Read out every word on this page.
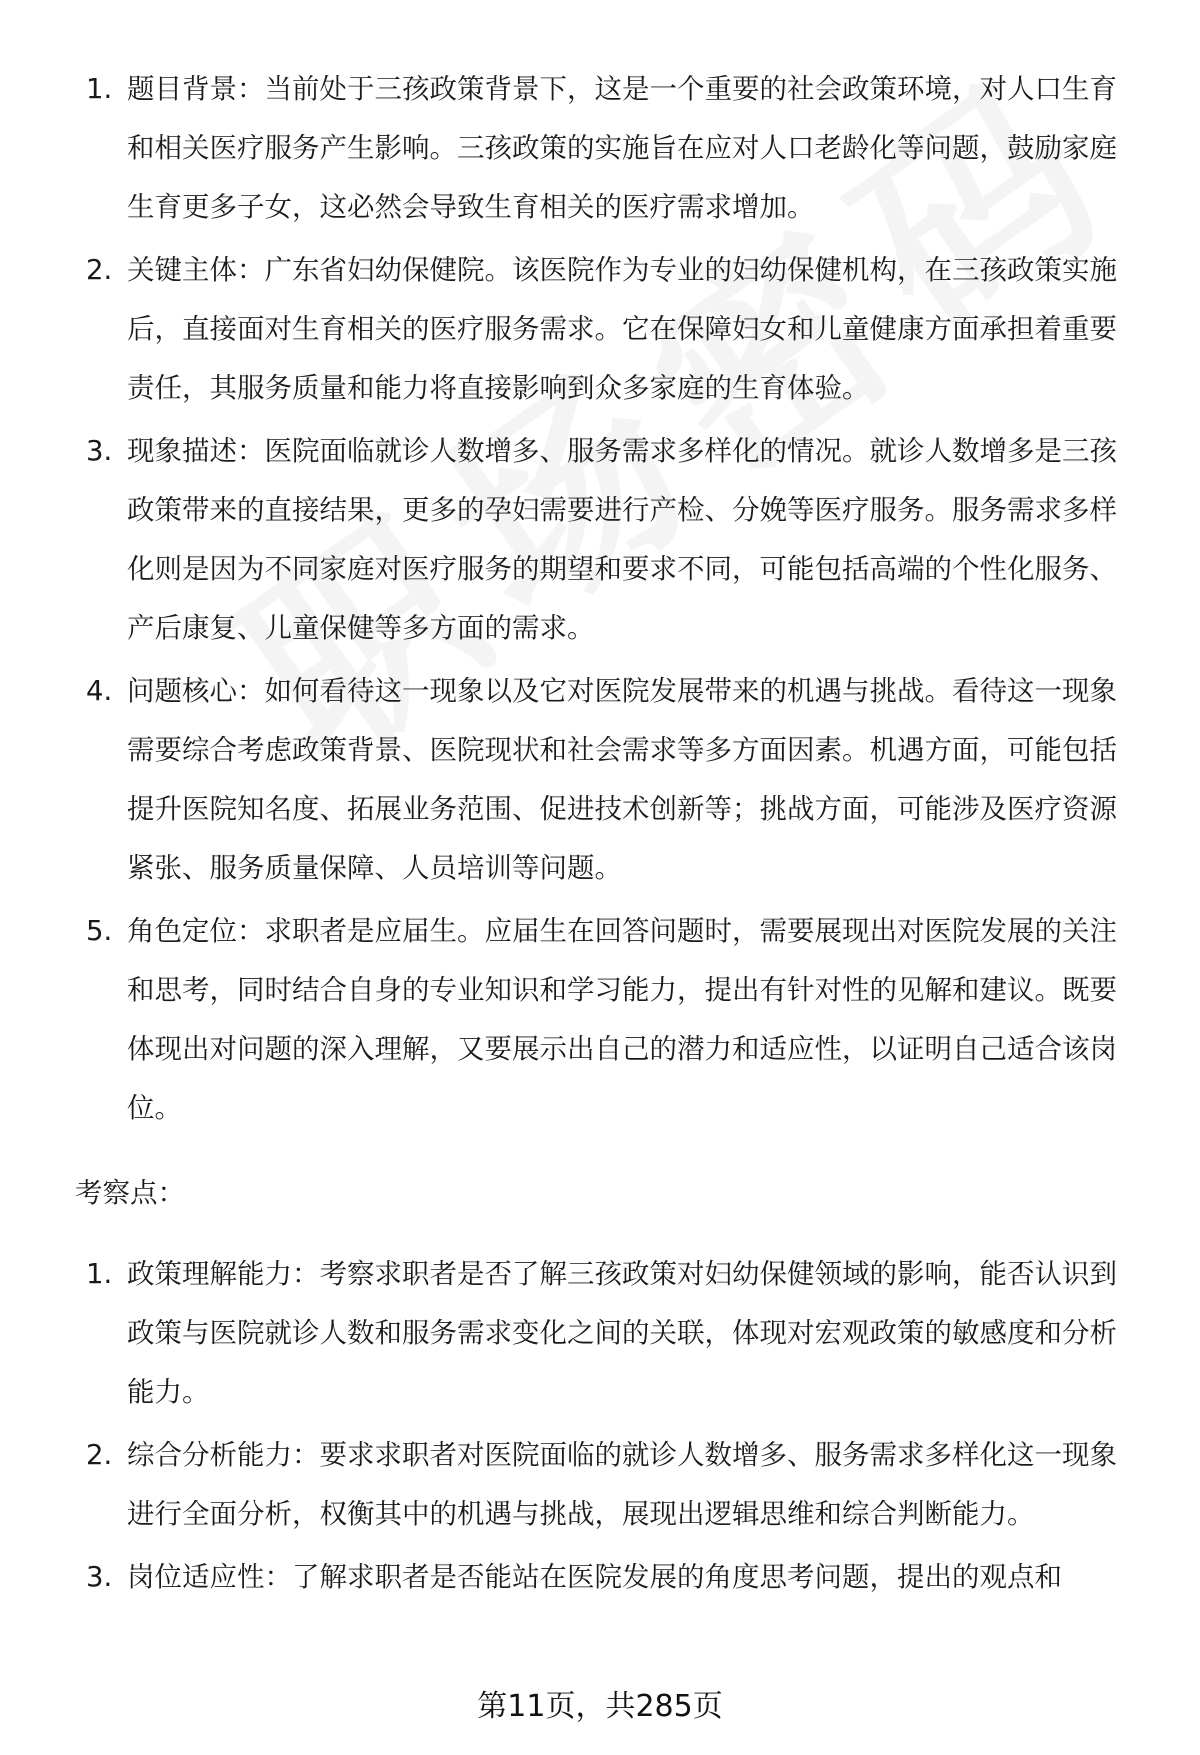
1. 题目背景：当前处于三孩政策背景下，这是一个重要的社会政策环境，对人口生育和相关医疗服务产生影响。三孩政策的实施旨在应对人口老龄化等问题，鼓励家庭生育更多子女，这必然会导致生育相关的医疗需求增加。
2. 关键主体：广东省妇幼保健院。该医院作为专业的妇幼保健机构，在三孩政策实施后，直接面对生育相关的医疗服务需求。它在保障妇女和儿童健康方面承担着重要责任，其服务质量和能力将直接影响到众多家庭的生育体验。
3. 现象描述：医院面临就诊人数增多、服务需求多样化的情况。就诊人数增多是三孩政策带来的直接结果，更多的孕妇需要进行产检、分娩等医疗服务。服务需求多样化则是因为不同家庭对医疗服务的期望和要求不同，可能包括高端的个性化服务、产后康复、儿童保健等多方面的需求。
4. 问题核心：如何看待这一现象以及它对医院发展带来的机遇与挑战。看待这一现象需要综合考虑政策背景、医院现状和社会需求等多方面因素。机遇方面，可能包括提升医院知名度、拓展业务范围、促进技术创新等；挑战方面，可能涉及医疗资源紧张、服务质量保障、人员培训等问题。
5. 角色定位：求职者是应届生。应届生在回答问题时，需要展现出对医院发展的关注和思考，同时结合自身的专业知识和学习能力，提出有针对性的见解和建议。既要体现出对问题的深入理解，又要展示出自己的潜力和适应性，以证明自己适合该岗位。
考察点：
1. 政策理解能力：考察求职者是否了解三孩政策对妇幼保健领域的影响，能否认识到政策与医院就诊人数和服务需求变化之间的关联，体现对宏观政策的敏感度和分析能力。
2. 综合分析能力：要求求职者对医院面临的就诊人数增多、服务需求多样化这一现象进行全面分析，权衡其中的机遇与挑战，展现出逻辑思维和综合判断能力。
3. 岗位适应性：了解求职者是否能站在医院发展的角度思考问题，提出的观点和
第11页，共285页
